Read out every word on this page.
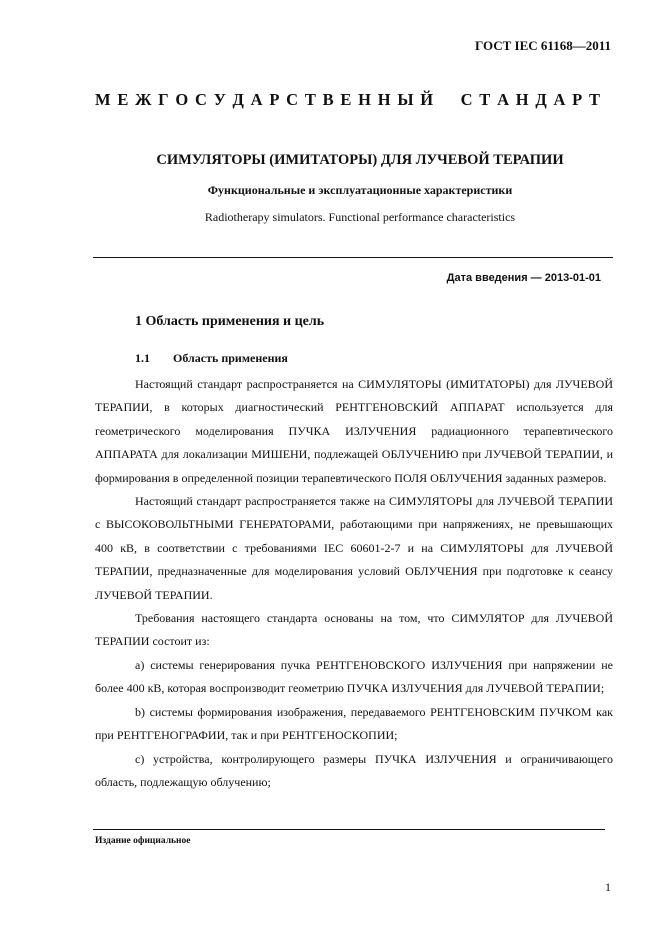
ГОСТ IEC 61168—2011
М Е Ж Г О С У Д А Р С Т В Е Н Н Ы Й С Т А Н Д А Р Т
СИМУЛЯТОРЫ (ИМИТАТОРЫ) ДЛЯ ЛУЧЕВОЙ ТЕРАПИИ
Функциональные и эксплуатационные характеристики
Radiotherapy simulators. Functional performance characteristics
Дата введения — 2013-01-01
1 Область применения и цель
1.1 Область применения

Настоящий стандарт распространяется на СИМУЛЯТОРЫ (ИМИТАТОРЫ) для ЛУЧЕВОЙ ТЕРАПИИ, в которых диагностический РЕНТГЕНОВСКИЙ АППАРАТ используется для геометрического моделирования ПУЧКА ИЗЛУЧЕНИЯ радиационного терапевтического АППАРАТА для локализации МИШЕНИ, подлежащей ОБЛУЧЕНИЮ при ЛУЧЕВОЙ ТЕРАПИИ, и формирования в определенной позиции терапевтического ПОЛЯ ОБЛУЧЕНИЯ заданных размеров.

Настоящий стандарт распространяется также на СИМУЛЯТОРЫ для ЛУЧЕВОЙ ТЕРАПИИ с ВЫСОКОВОЛЬТНЫМИ ГЕНЕРАТОРАМИ, работающими при напряжениях, не превышающих 400 кВ, в соответствии с требованиями IEC 60601-2-7 и на СИМУЛЯТОРЫ для ЛУЧЕВОЙ ТЕРАПИИ, предназначенные для моделирования условий ОБЛУЧЕНИЯ при подготовке к сеансу ЛУЧЕВОЙ ТЕРАПИИ.

Требования настоящего стандарта основаны на том, что СИМУЛЯТОР для ЛУЧЕВОЙ ТЕРАПИИ состоит из:

a) системы генерирования пучка РЕНТГЕНОВСКОГО ИЗЛУЧЕНИЯ при напряжении не более 400 кВ, которая воспроизводит геометрию ПУЧКА ИЗЛУЧЕНИЯ для ЛУЧЕВОЙ ТЕРАПИИ;

b) системы формирования изображения, передаваемого РЕНТГЕНОВСКИМ ПУЧКОМ как при РЕНТГЕНОГРАФИИ, так и при РЕНТГЕНОСКОПИИ;

c) устройства, контролирующего размеры ПУЧКА ИЗЛУЧЕНИЯ и ограничивающего область, подлежащую облучению;

Издание официальное
1
